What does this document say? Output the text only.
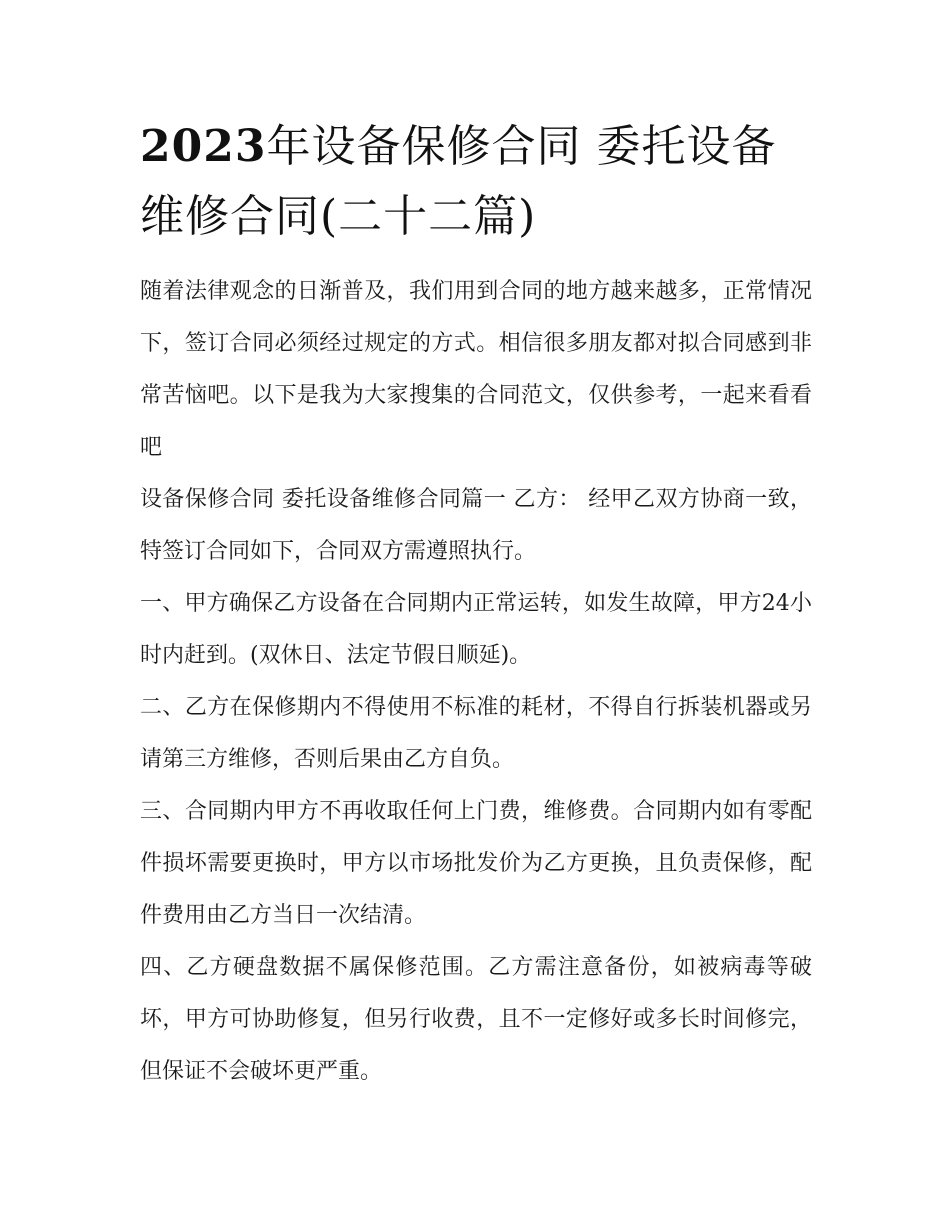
2023年设备保修合同 委托设备维修合同(二十二篇)

随着法律观念的日渐普及，我们用到合同的地方越来越多，正常情况下，签订合同必须经过规定的方式。相信很多朋友都对拟合同感到非常苦恼吧。以下是我为大家搜集的合同范文，仅供参考，一起来看看吧

设备保修合同 委托设备维修合同篇一 乙方： 经甲乙双方协商一致，特签订合同如下，合同双方需遵照执行。

一、甲方确保乙方设备在合同期内正常运转，如发生故障，甲方24小时内赶到。(双休日、法定节假日顺延)。

二、乙方在保修期内不得使用不标准的耗材，不得自行拆装机器或另请第三方维修，否则后果由乙方自负。

三、合同期内甲方不再收取任何上门费，维修费。合同期内如有零配件损坏需要更换时，甲方以市场批发价为乙方更换，且负责保修，配件费用由乙方当日一次结清。

四、乙方硬盘数据不属保修范围。乙方需注意备份，如被病毒等破坏，甲方可协助修复，但另行收费，且不一定修好或多长时间修完，但保证不会破坏更严重。
